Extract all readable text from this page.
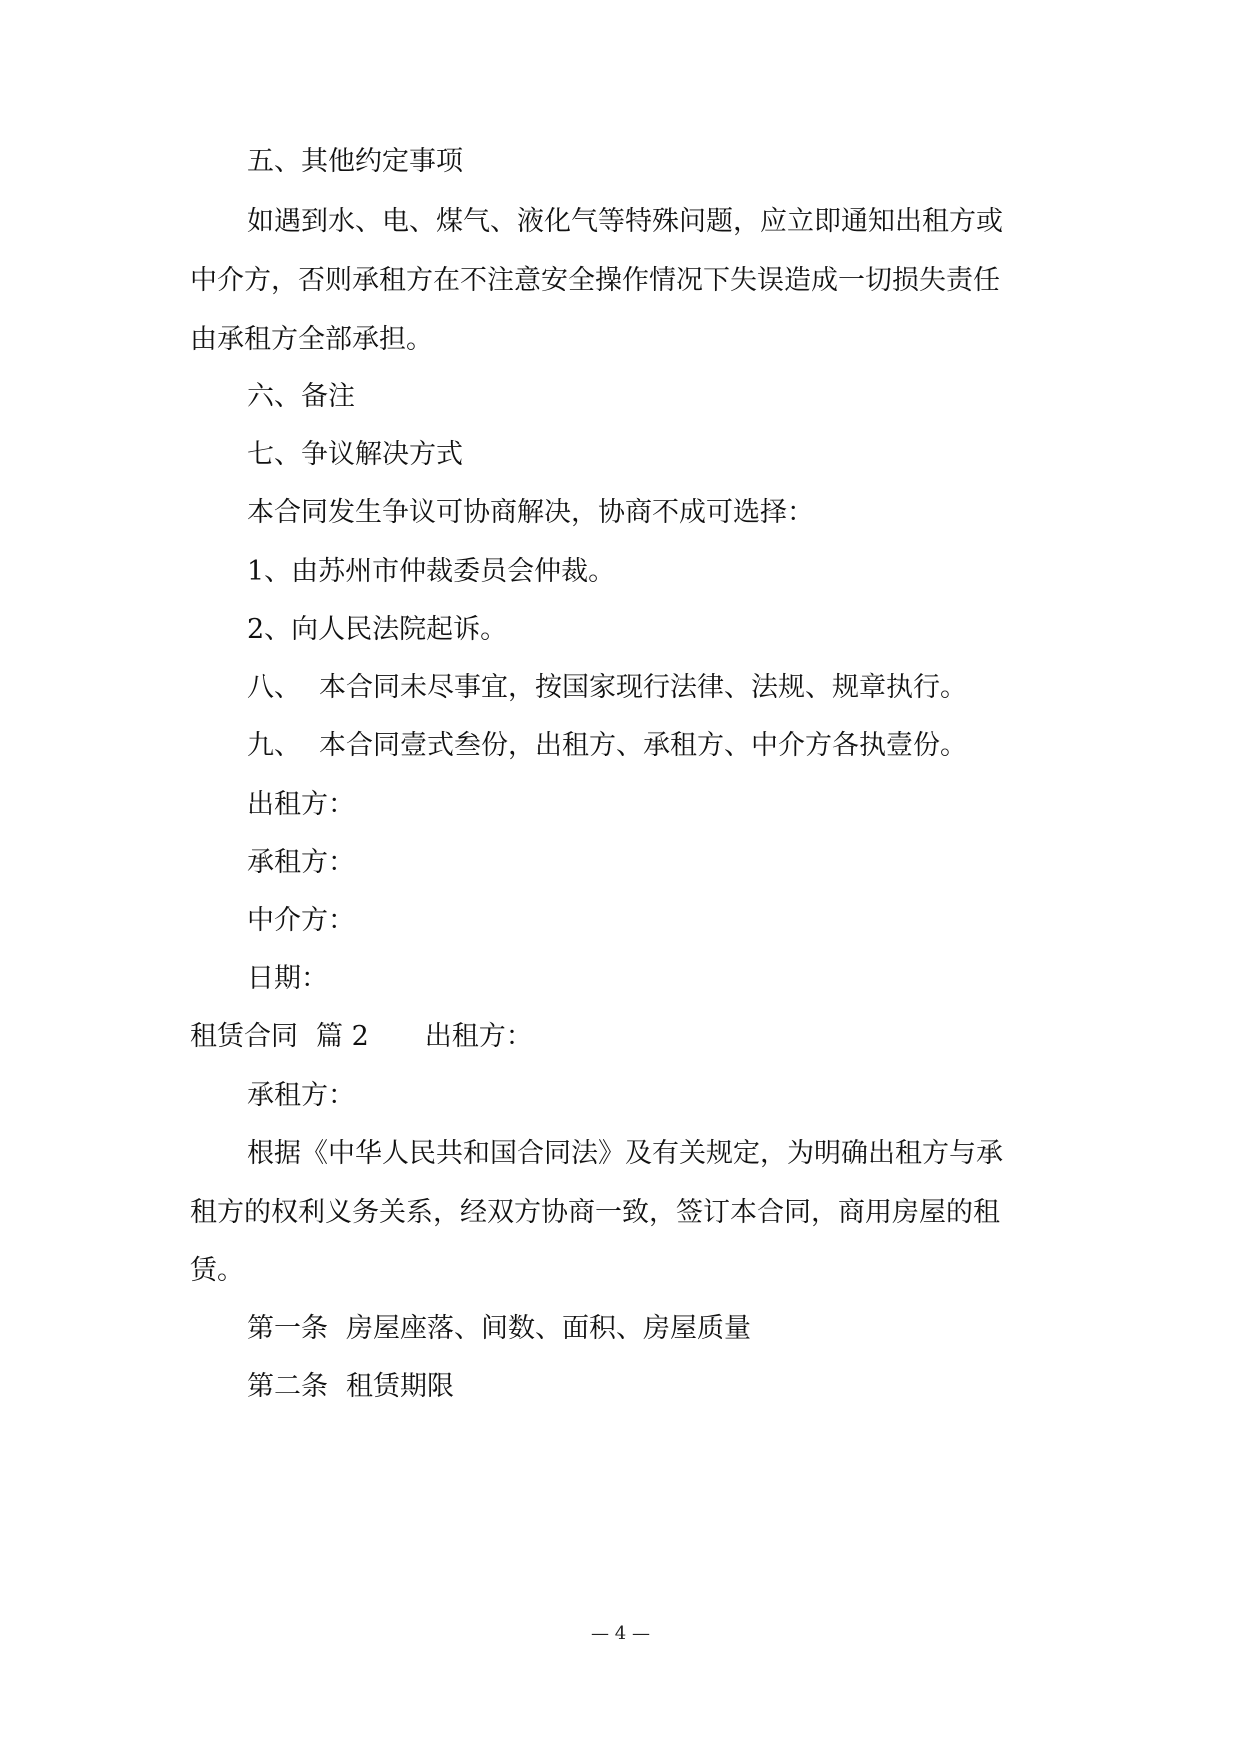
五、其他约定事项
如遇到水、电、煤气、液化气等特殊问题，应立即通知出租方或
中介方，否则承租方在不注意安全操作情况下失误造成一切损失责任
由承租方全部承担。
六、备注
七、争议解决方式
本合同发生争议可协商解决，协商不成可选择：
1、由苏州市仲裁委员会仲裁。
2、向人民法院起诉。
八、 本合同未尽事宜，按国家现行法律、法规、规章执行。
九、 本合同壹式叁份，出租方、承租方、中介方各执壹份。
出租方：
承租方：
中介方：
日期：
租赁合同 篇 2 出租方：
承租方：
根据《中华人民共和国合同法》及有关规定，为明确出租方与承
租方的权利义务关系，经双方协商一致，签订本合同，商用房屋的租
赁。
第一条 房屋座落、间数、面积、房屋质量
第二条 租赁期限
— 4 —
